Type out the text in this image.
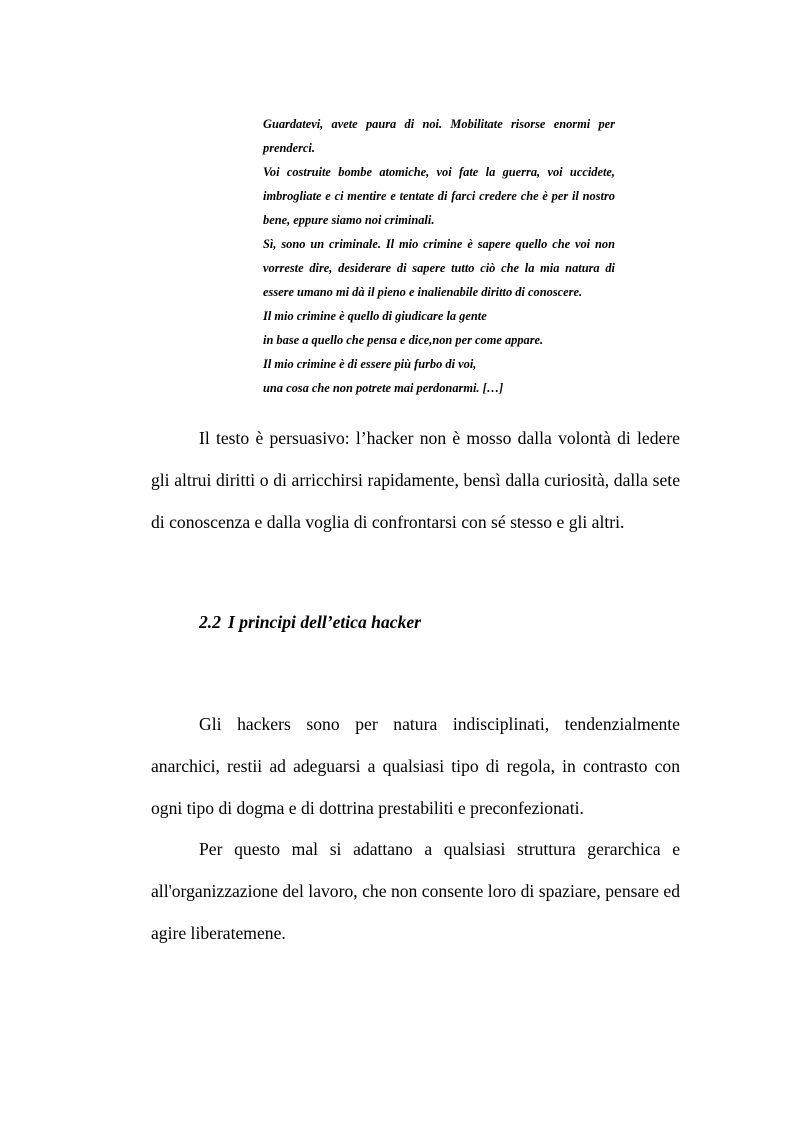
Guardatevi, avete paura di noi. Mobilitate risorse enormi per prenderci.

Voi costruite bombe atomiche, voi fate la guerra, voi uccidete, imbrogliate e ci mentire e tentate di farci credere che è per il nostro bene, eppure siamo noi criminali.

Sì, sono un criminale. Il mio crimine è sapere quello che voi non vorreste dire, desiderare di sapere tutto ciò che la mia natura di essere umano mi dà il pieno e inalienabile diritto di conoscere.

Il mio crimine è quello di giudicare la gente

in base a quello che pensa e dice,non per come appare.

Il mio crimine è di essere più furbo di voi,

una cosa che non potrete mai perdonarmi. […]

Il testo è persuasivo: l’hacker non è mosso dalla volontà di ledere gli altrui diritti o di arricchirsi rapidamente, bensì dalla curiosità, dalla sete di conoscenza e dalla voglia di confrontarsi con sé stesso e gli altri.

2.2 I principi dell’etica hacker

Gli hackers sono per natura indisciplinati, tendenzialmente anarchici, restii ad adeguarsi a qualsiasi tipo di regola, in contrasto con ogni tipo di dogma e di dottrina prestabiliti e preconfezionati.

Per questo mal si adattano a qualsiasi struttura gerarchica e all'organizzazione del lavoro, che non consente loro di spaziare, pensare ed agire liberatemene.
